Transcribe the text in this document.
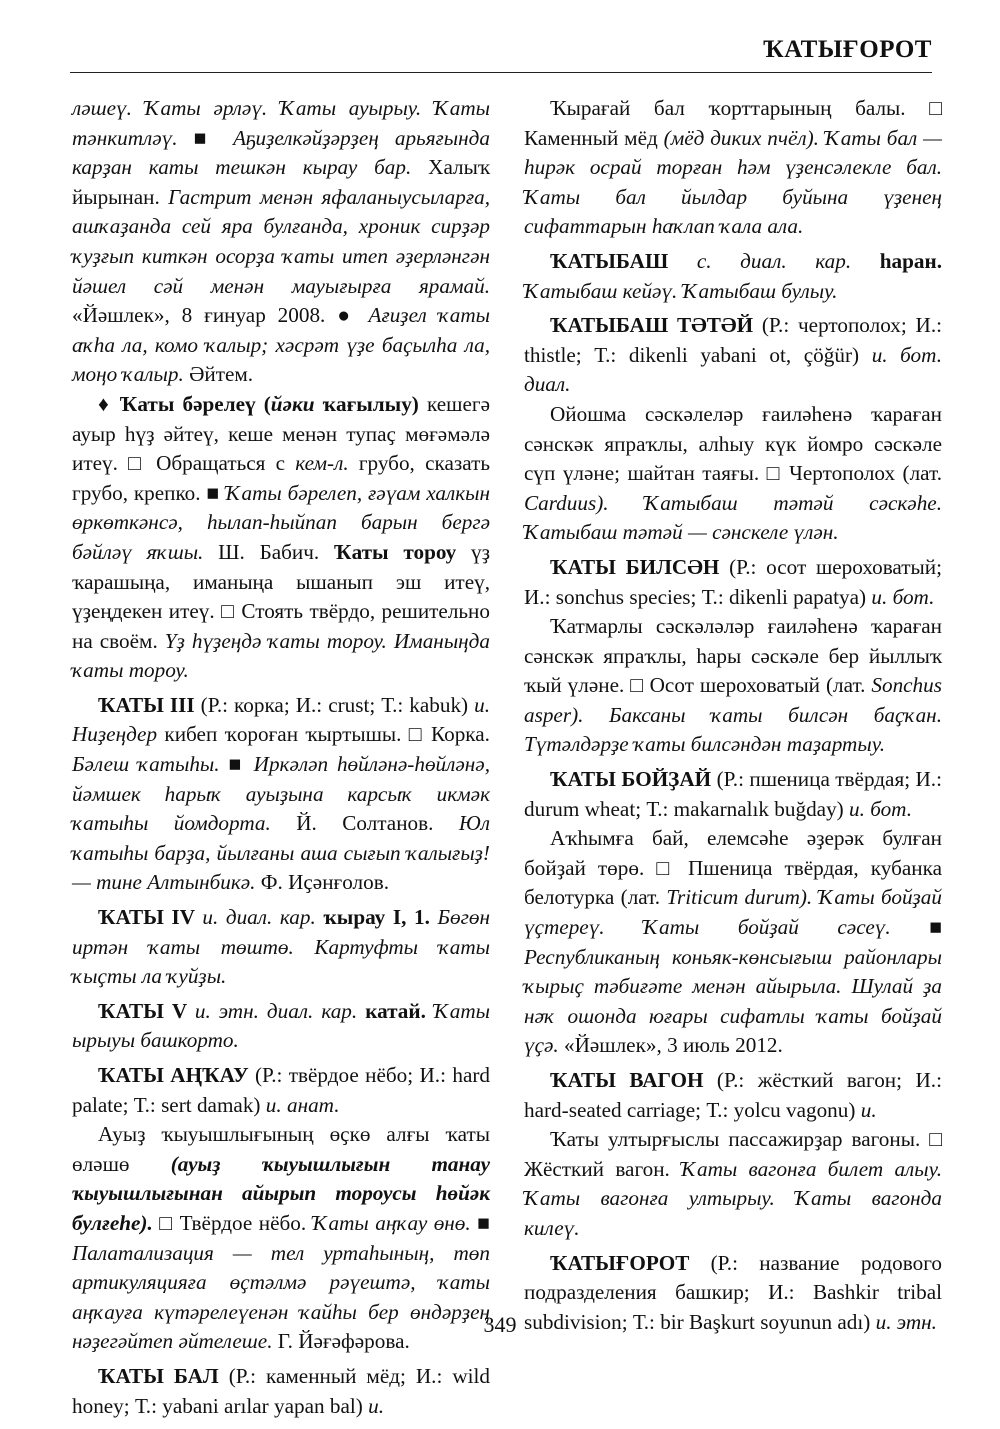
ҠАТЫҒОРОТ

ләшеү. Ҡаты әрләү. Ҡаты ауырыу. Ҡаты тәнкитләү. ■ Аҕиҙелкәйҙәрҙең арьяғында карҙан каты тешкән кырау бар. Халыҡ йырынан. Гастрит менән яфаланыусыларға, ашҡаҙанда сей яра булғанда, хроник сирҙәр ҡуҙғып киткән осорҙа ҡаты итеп әҙерләнгән йәшел сәй менән мауығырға ярамай. «Йәшлек», 8 ғинуар 2008. ● Ағиҙел ҡаты аҡһа ла, комо ҡалыр; хәсрәт үҙе баҫылһа ла, моңо ҡалыр. Әйтем.

♦ Ҡаты бәрелеү (йәки ҡағылыу) кешегә ауыр һүҙ әйтеү, кеше менән тупаҫ мөғәмәлә итеү. □ Обращаться с кем-л. грубо, сказать грубо, крепко. ■ Ҡаты бәрелеп, ғәүам халкын өркөткәнсә, һылап-һыйпап барын бергә бәйләү яҡшы. Ш. Бабич. Ҡаты тороу үҙ ҡарашыңа, иманыңа ышанып эш итеү, үҙеңдекен итеү. □ Стоять твёрдо, решительно на своём. Үҙ һүҙеңдә ҡаты тороу. Иманыңда ҡаты тороу.

ҠАТЫ III (Р.: корка; И.: crust; Т.: kabuk) и. Ниҙеңдер кибеп ҡороған ҡыртышы. □ Корка. Бәлеш ҡатыһы. ■ Иркәләп һөйләнә-һөйләнә, йәмшек һарыҡ ауыҙына карсыҡ икмәк ҡатыһы йомдорта. Й. Солтанов. Юл ҡатыһы барҙа, йылғаны аша сығып ҡалығыҙ! — тине Алтынбикә. Ф. Иҫәнғолов.

ҠАТЫ IV и. диал. кар. ҡырау I, 1. Бөгөн иртән ҡаты төштө. Картуфты ҡаты ҡыҫты ла ҡуйҙы.

ҠАТЫ V и. этн. диал. кар. катай. Ҡаты ырыуы башкорто.

ҠАТЫ АҢҠАУ (Р.: твёрдое нёбо; И.: hard palate; Т.: sert damak) и. анат.

Ауыҙ ҡыуышлығының өҫкө алғы ҡаты өләшө (ауыҙ ҡыуышлығын танау ҡыуышлығынан айырып тороусы һөйәк булғеһе). □ Твёрдое нёбо. Ҡаты аңҡау өнө. ■ Палатализация — тел уртаһының, төп артикуляцияға өҫтәлмә рәүештә, ҡаты аңҡауға күтәрелеүенән ҡайһы бер өндәрҙең нәҙегәйтеп әйтелеше. Г. Йәғәфәрова.

ҠАТЫ БАЛ (Р.: каменный мёд; И.: wild honey; Т.: yabani arılar yapan bal) и.

Ҡырағай бал ҡорттарының балы. □ Каменный мёд (мёд диких пчёл). Ҡаты бал — һирәк осрай торған һәм үҙенсәлекле бал. Ҡаты бал йылдар буйына үҙенең сифаттарын һаҡлап ҡала ала.

ҠАТЫБАШ с. диал. кар. һаран. Ҡатыбаш кейәү. Ҡатыбаш булыу.

ҠАТЫБАШ ТӘТӘЙ (Р.: чертополох; И.: thistle; Т.: dikenli yabani ot, çöğür) и. бот. диал.

Ойошма сәскәлеләр ғаиләһенә ҡараған сәнскәк япраҡлы, алһыу күк йомро сәскәле сүп үләне; шайтан таяғы. □ Чертополох (лат. Carduus). Ҡатыбаш тәтәй сәскәһе. Ҡатыбаш тәтәй — сәнскеле үлән.

ҠАТЫ БИЛСӘН (Р.: осот шероховатый; И.: sonchus species; Т.: dikenli papatya) и. бот.

Ҡатмарлы сәскәләләр ғаиләһенә ҡараған сәнскәк япраҡлы, һары сәскәле бер йыллыҡ ҡый үләне. □ Осот шероховатый (лат. Sonchus asper). Баксаны ҡаты билсән баҫҡан. Түтәлдәрҙе ҡаты билсәндән таҙартыу.

ҠАТЫ БОЙҘАЙ (Р.: пшеница твёрдая; И.: durum wheat; Т.: makarnalık buğday) и. бот.

Аҡһымға бай, елемсәһе әҙерәк булған бойҙай төрө. □ Пшеница твёрдая, кубанка белотурка (лат. Triticum durum). Ҡаты бойҙай үҫтереү. Ҡаты бойҙай сәсеү. ■ Республиканың коньяк-көнсығыш районлары ҡырыҫ тәбиғәте менән айырыла. Шулай ҙа нәҡ ошонда юғары сифатлы ҡаты бойҙай үҫә. «Йәшлек», 3 июль 2012.

ҠАТЫ ВАГОН (Р.: жёсткий вагон; И.: hard-seated carriage; Т.: yolcu vagonu) и.

Ҡаты ултырғыслы пассажирҙар вагоны. □ Жёсткий вагон. Ҡаты вагонға билет алыу. Ҡаты вагонға ултырыу. Ҡаты вагонда килеү.

ҠАТЫҒОРОТ (Р.: название родового подразделения башкир; И.: Bashkir tribal subdivision; Т.: bir Başkurt soyunun adı) и. этн.

349
